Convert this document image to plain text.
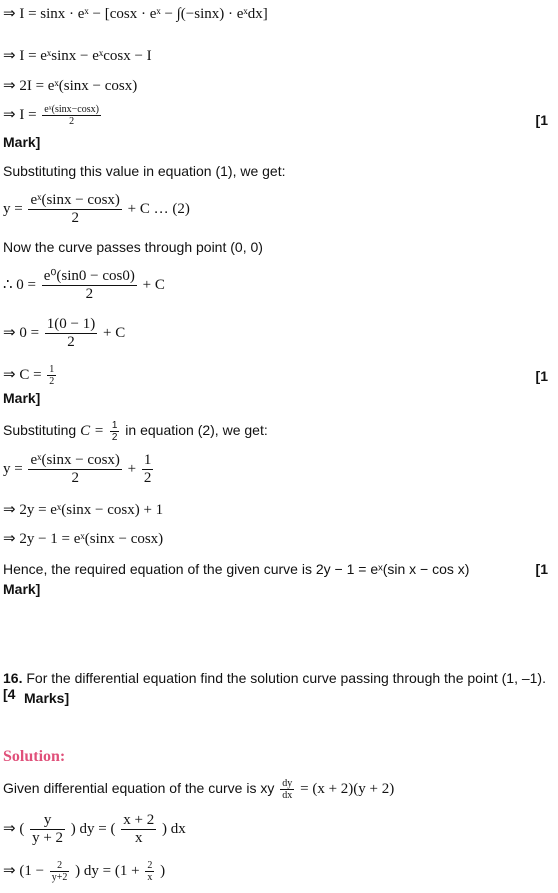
⇒ I = sinx · eˣ − [cosx · eˣ − ∫(−sinx) · eˣdx]
⇒ I = eˣsinx − eˣcosx − I
⇒ 2I = eˣ(sinx − cosx)
⇒ $I = \frac{\text{eˣ(sinx−cosx)}}{2}$	[1
Mark]
Substituting this value in equation (1), we get:
$y = \frac{\text{eˣ(sinx − cosx)}}{2} + C$ … (2)
Now the curve passes through point (0, 0)
∴ $0 = \frac{\text{e⁰(sin0 − cos0)}}{2} + C$
⇒ $0 = \frac{1(0 - 1)}{2} + C$
⇒ $C = \frac{1}{2}$	[1
Mark]
Substituting $C = \frac{1}{2}$ in equation (2), we get:
$y = \frac{\text{eˣ(sinx − cosx)}}{2} + \frac{1}{2}$
⇒ 2y = eˣ(sinx − cosx) + 1
⇒ 2y − 1 = eˣ(sinx − cosx)
Hence, the required equation of the given curve is 2y − 1 = eˣ(sin x − cos x)	[1
Mark]
16. For the differential equation find the solution curve passing through the point (1, –1). [4 Marks]
Solution:
Given differential equation of the curve is xy $\frac{dy}{dx} = (x + 2)(y + 2)$
⇒ ( $\frac{y}{y + 2}$ ) dy = ( $\frac{x + 2}{x}$ ) dx
⇒ ($1 - \frac{2}{y+2}$ ) dy = ($1 + \frac{2}{x}$ )
